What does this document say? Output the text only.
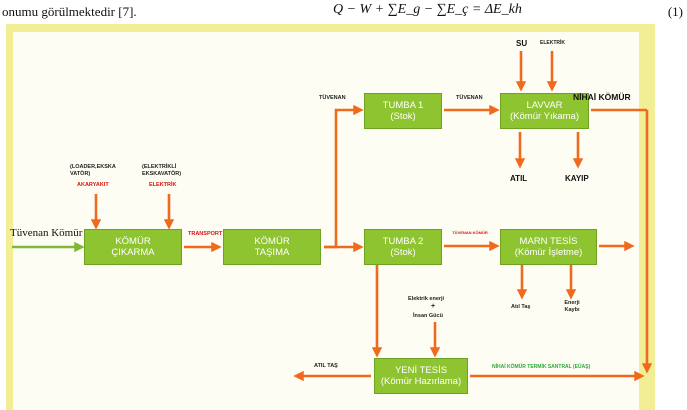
onumu görülmektedir [7].	Q − W + ∑E_g − ∑E_ç = ΔE_kh	(1)
KÖMÜR
ÇIKARMA
KÖMÜR
TAŞIMA
TUMBA 1
(Stok)
TUMBA 2
(Stok)
LAVVAR
(Kömür Yıkama)
MARN TESİS
(Kömür İşletme)
YENİ TESİS
(Kömür Hazırlama)
Tüvenan Kömür
(LOADER,EKSKA VATÖR)
(ELEKTRİKLİ EKSKAVATÖR)
AKARYAKIT	ELEKTRİK
TRANSPORT
TÜVENAN	TÜVENAN
TÜVENAN KÖMÜR
SU	ELEKTRİK
NİHAİ KÖMÜR
ATIL	KAYIP
Atıl Taş
Enerji Kaybı
Elektrik enerji
+
İnsan Gücü
ATIL TAŞ	NİHAİ KÖMÜR TERMİK SANTRAL (EÜAŞ)
